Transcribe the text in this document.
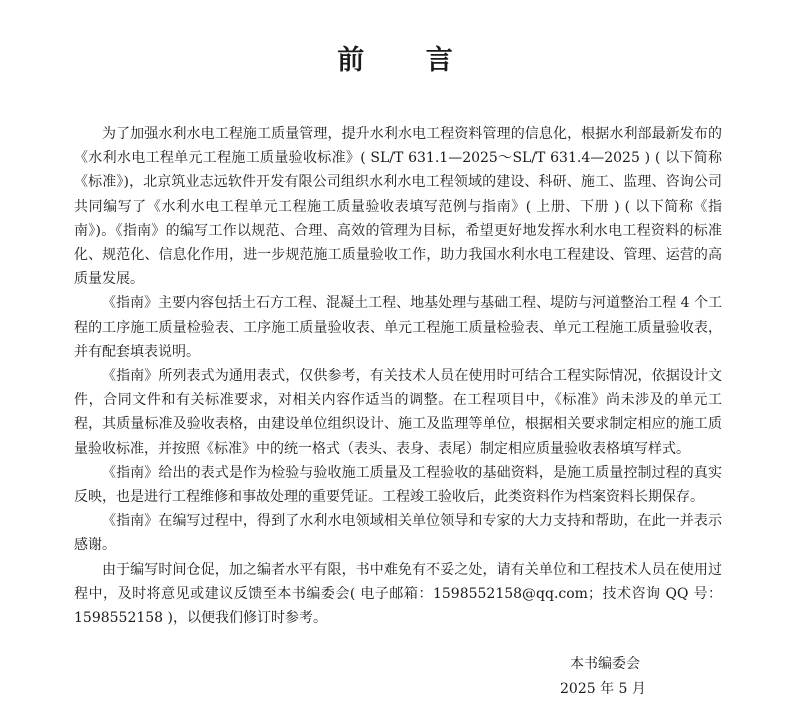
前 言

为了加强水利水电工程施工质量管理，提升水利水电工程资料管理的信息化，根据水利部最新发布的《水利水电工程单元工程施工质量验收标准》( SL/T 631.1—2025～SL/T 631.4—2025 ) ( 以下简称《标准》)，北京筑业志远软件开发有限公司组织水利水电工程领域的建设、科研、施工、监理、咨询公司共同编写了《水利水电工程单元工程施工质量验收表填写范例与指南》( 上册、下册 ) ( 以下简称《指南》)。《指南》的编写工作以规范、合理、高效的管理为目标，希望更好地发挥水利水电工程资料的标准化、规范化、信息化作用，进一步规范施工质量验收工作，助力我国水利水电工程建设、管理、运营的高质量发展。

《指南》主要内容包括土石方工程、混凝土工程、地基处理与基础工程、堤防与河道整治工程 4 个工程的工序施工质量检验表、工序施工质量验收表、单元工程施工质量检验表、单元工程施工质量验收表，并有配套填表说明。

《指南》所列表式为通用表式，仅供参考，有关技术人员在使用时可结合工程实际情况，依据设计文件，合同文件和有关标准要求，对相关内容作适当的调整。在工程项目中，《标准》尚未涉及的单元工程，其质量标准及验收表格，由建设单位组织设计、施工及监理等单位，根据相关要求制定相应的施工质量验收标准，并按照《标准》中的统一格式（表头、表身、表尾）制定相应质量验收表格填写样式。

《指南》给出的表式是作为检验与验收施工质量及工程验收的基础资料，是施工质量控制过程的真实反映，也是进行工程维修和事故处理的重要凭证。工程竣工验收后，此类资料作为档案资料长期保存。

《指南》在编写过程中，得到了水利水电领域相关单位领导和专家的大力支持和帮助，在此一并表示感谢。

由于编写时间仓促，加之编者水平有限，书中难免有不妥之处，请有关单位和工程技术人员在使用过程中，及时将意见或建议反馈至本书编委会( 电子邮箱：1598552158@qq.com；技术咨询 QQ 号：1598552158 )，以便我们修订时参考。

本书编委会
2025 年 5 月
